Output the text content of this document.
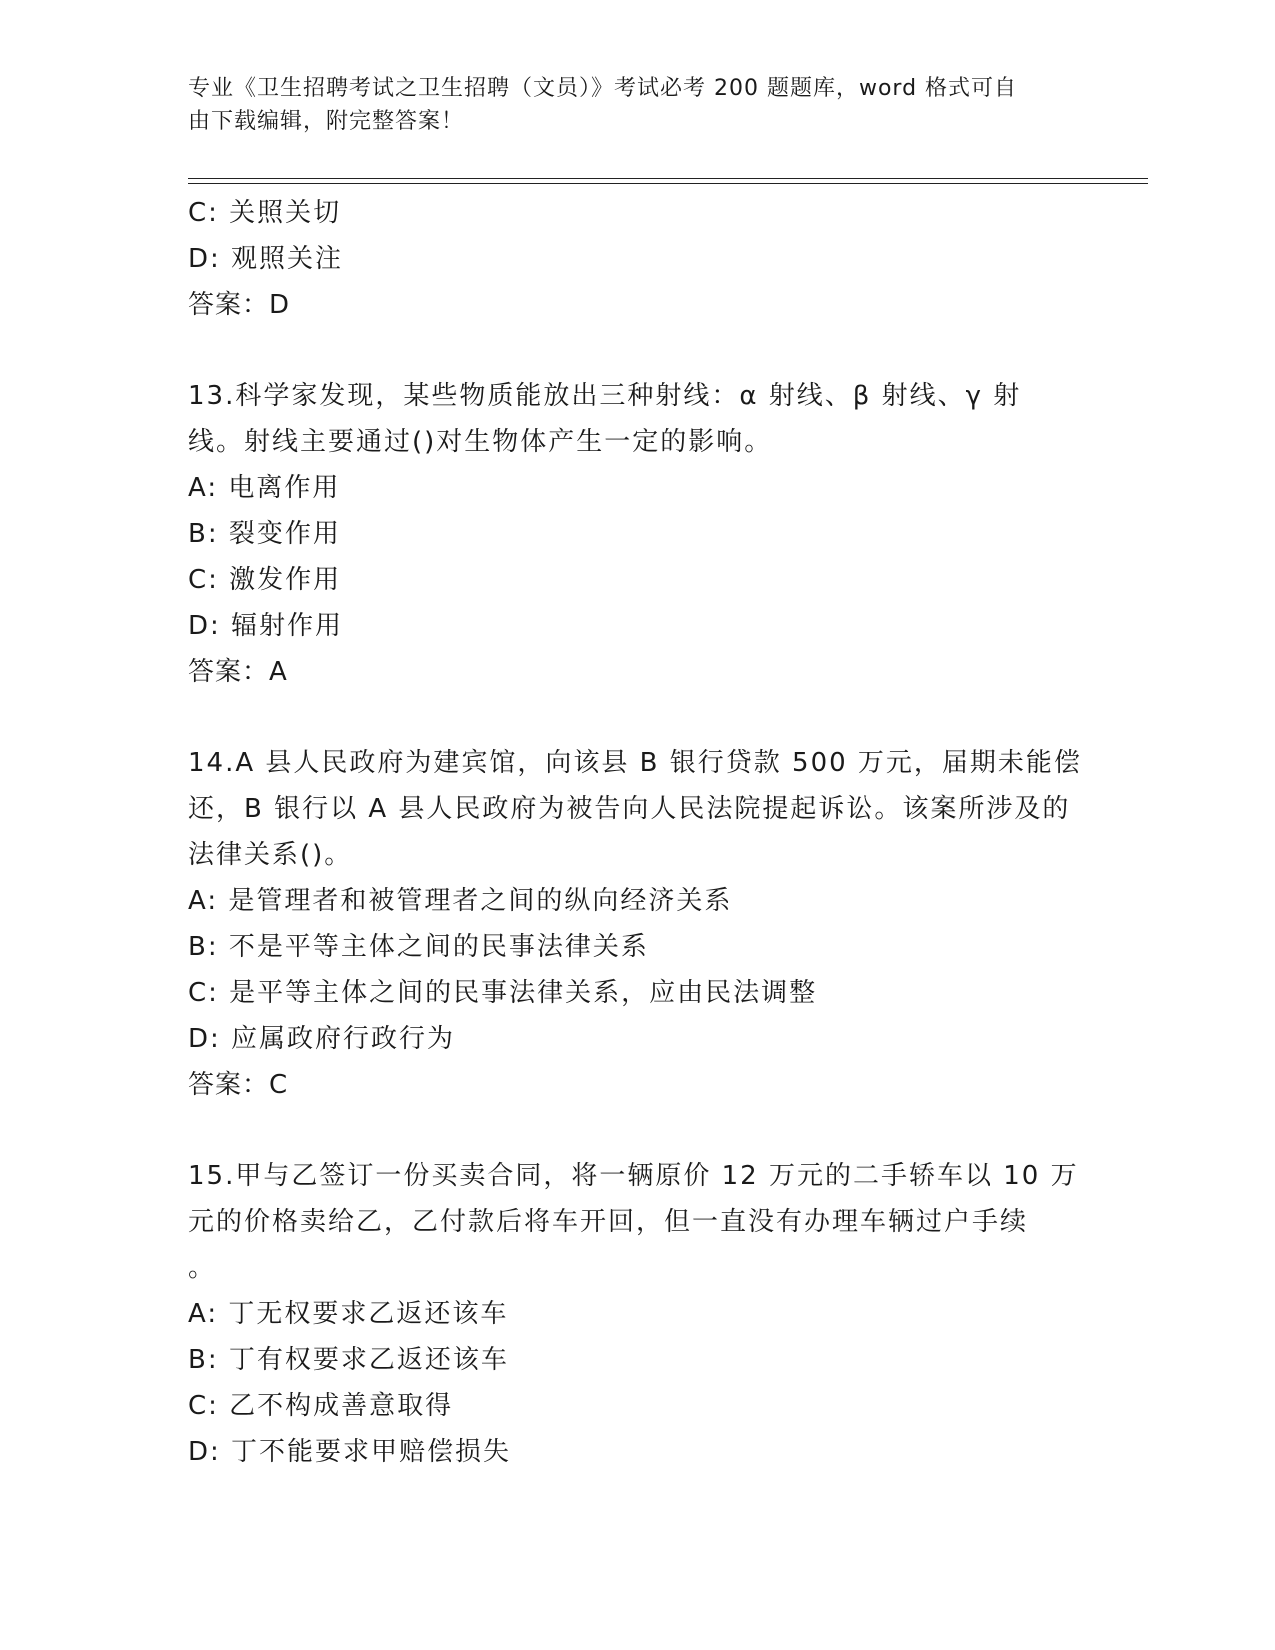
专业《卫生招聘考试之卫生招聘（文员）》考试必考 200 题题库，word 格式可自
由下载编辑，附完整答案！
C: 关照关切
D: 观照关注
答案：D
13.科学家发现，某些物质能放出三种射线：α 射线、β 射线、γ 射
线。射线主要通过()对生物体产生一定的影响。
A: 电离作用
B: 裂变作用
C: 激发作用
D: 辐射作用
答案：A
14.A 县人民政府为建宾馆，向该县 B 银行贷款 500 万元，届期未能偿
还，B 银行以 A 县人民政府为被告向人民法院提起诉讼。该案所涉及的
法律关系()。
A: 是管理者和被管理者之间的纵向经济关系
B: 不是平等主体之间的民事法律关系
C: 是平等主体之间的民事法律关系，应由民法调整
D: 应属政府行政行为
答案：C
15.甲与乙签订一份买卖合同，将一辆原价 12 万元的二手轿车以 10 万
元的价格卖给乙，乙付款后将车开回，但一直没有办理车辆过户手续
。
A: 丁无权要求乙返还该车
B: 丁有权要求乙返还该车
C: 乙不构成善意取得
D: 丁不能要求甲赔偿损失
